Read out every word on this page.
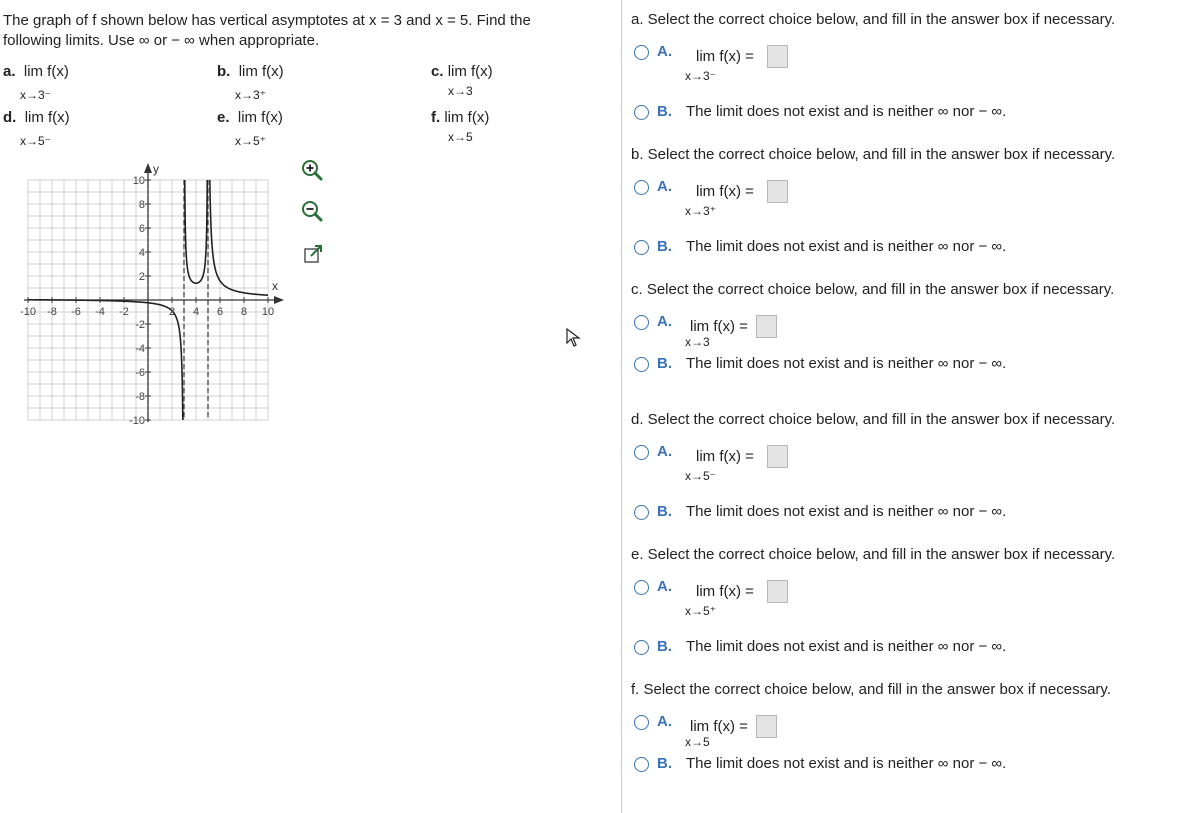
The graph of f shown below has vertical asymptotes at x = 3 and x = 5. Find the
following limits. Use ∞ or − ∞ when appropriate.
a. lim f(x)
x→3⁻
b. lim f(x)
x→3⁺
c. lim f(x)
x→3
d. lim f(x)
x→5⁻
e. lim f(x)
x→5⁺
f. lim f(x)
x→5
y
x
-10 -8 -6 -4 -2	2 4 6 8 10
10
8
6
4
2
-2
-4
-6
-8
-10
a. Select the correct choice below, and fill in the answer box if necessary.
A. lim f(x) =
x→3⁻
B. The limit does not exist and is neither ∞ nor − ∞.
b. Select the correct choice below, and fill in the answer box if necessary.
A. lim f(x) =
x→3⁺
B. The limit does not exist and is neither ∞ nor − ∞.
c. Select the correct choice below, and fill in the answer box if necessary.
A. lim f(x) =
x→3
B. The limit does not exist and is neither ∞ nor − ∞.
d. Select the correct choice below, and fill in the answer box if necessary.
A. lim f(x) =
x→5⁻
B. The limit does not exist and is neither ∞ nor − ∞.
e. Select the correct choice below, and fill in the answer box if necessary.
A. lim f(x) =
x→5⁺
B. The limit does not exist and is neither ∞ nor − ∞.
f. Select the correct choice below, and fill in the answer box if necessary.
A. lim f(x) =
x→5
B. The limit does not exist and is neither ∞ nor − ∞.
